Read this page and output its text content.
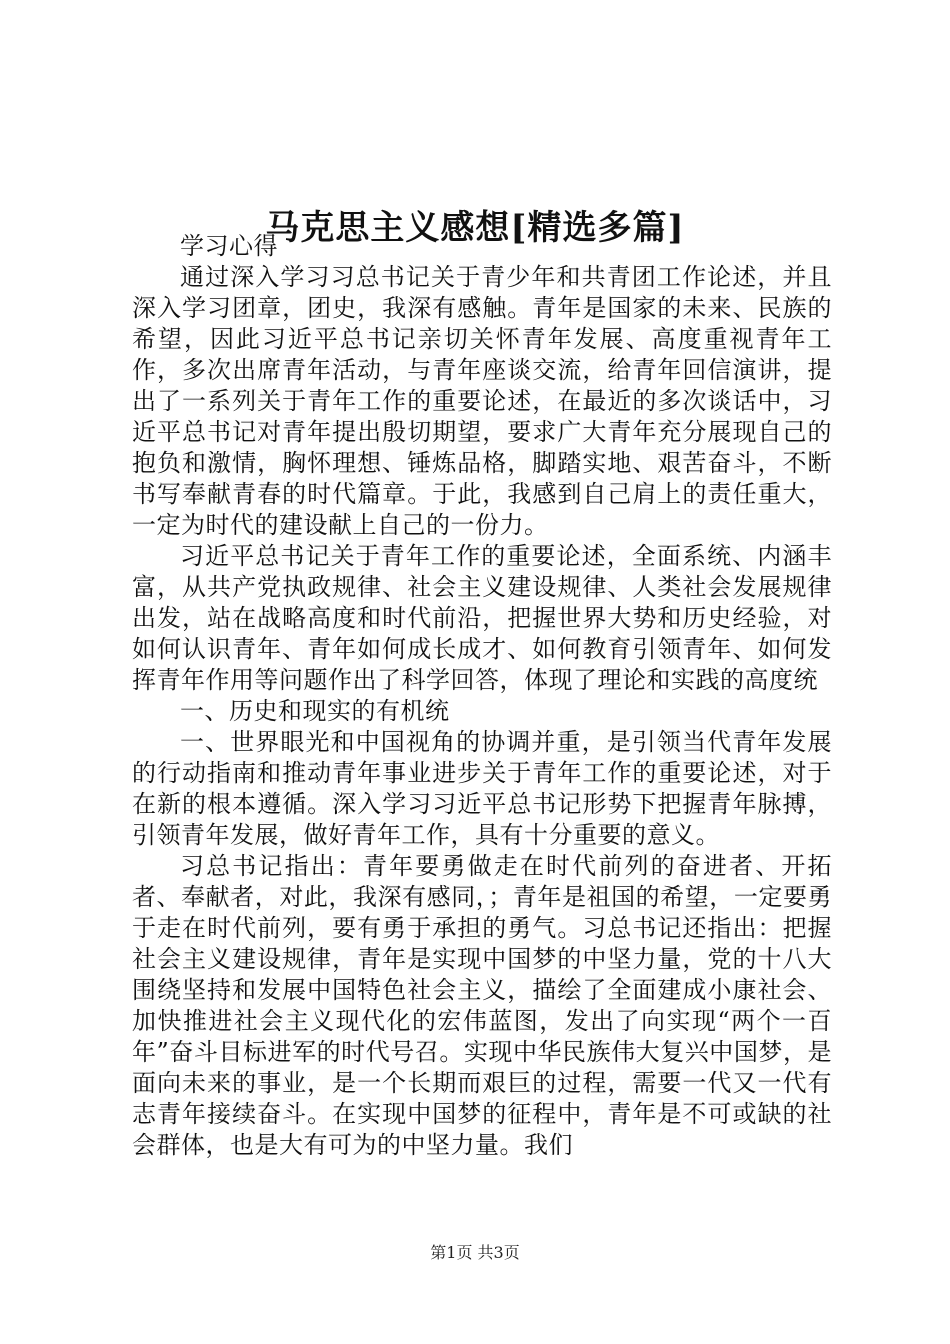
马克思主义感想[精选多篇]

学习心得

通过深入学习习总书记关于青少年和共青团工作论述，并且深入学习团章，团史，我深有感触。青年是国家的未来、民族的希望，因此习近平总书记亲切关怀青年发展、高度重视青年工作，多次出席青年活动，与青年座谈交流，给青年回信演讲，提出了一系列关于青年工作的重要论述，在最近的多次谈话中，习近平总书记对青年提出殷切期望，要求广大青年充分展现自己的抱负和激情，胸怀理想、锤炼品格，脚踏实地、艰苦奋斗，不断书写奉献青春的时代篇章。于此，我感到自己肩上的责任重大，一定为时代的建设献上自己的一份力。

习近平总书记关于青年工作的重要论述，全面系统、内涵丰富，从共产党执政规律、社会主义建设规律、人类社会发展规律出发，站在战略高度和时代前沿，把握世界大势和历史经验，对如何认识青年、青年如何成长成才、如何教育引领青年、如何发挥青年作用等问题作出了科学回答，体现了理论和实践的高度统

一、历史和现实的有机统

一、世界眼光和中国视角的协调并重，是引领当代青年发展的行动指南和推动青年事业进步关于青年工作的重要论述，对于在新的根本遵循。深入学习习近平总书记形势下把握青年脉搏，引领青年发展，做好青年工作，具有十分重要的意义。

习总书记指出：青年要勇做走在时代前列的奋进者、开拓者、奉献者，对此，我深有感同，；青年是祖国的希望，一定要勇于走在时代前列，要有勇于承担的勇气。习总书记还指出：把握社会主义建设规律，青年是实现中国梦的中坚力量，党的十八大围绕坚持和发展中国特色社会主义，描绘了全面建成小康社会、加快推进社会主义现代化的宏伟蓝图，发出了向实现“两个一百年”奋斗目标进军的时代号召。实现中华民族伟大复兴中国梦，是面向未来的事业，是一个长期而艰巨的过程，需要一代又一代有志青年接续奋斗。在实现中国梦的征程中，青年是不可或缺的社会群体，也是大有可为的中坚力量。我们

第1页 共3页
